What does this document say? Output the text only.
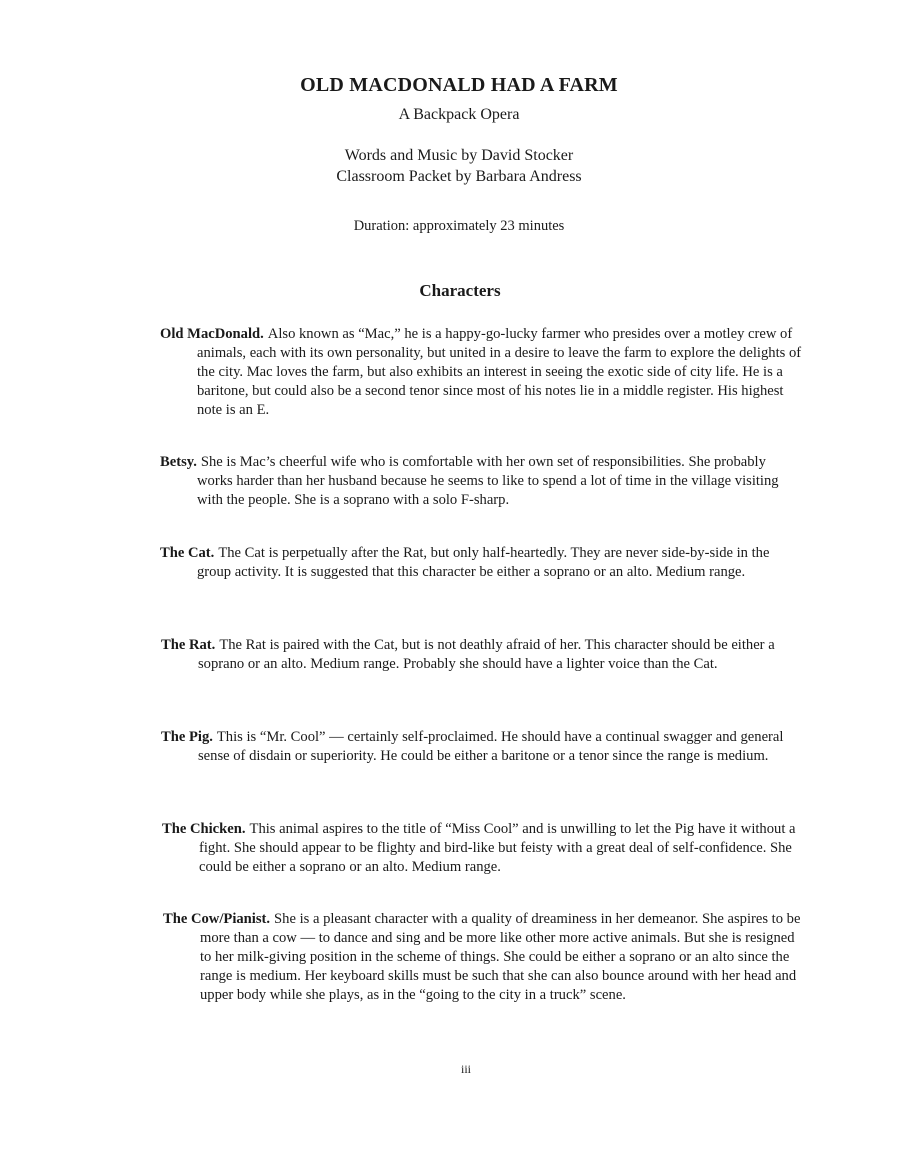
OLD MACDONALD HAD A FARM
A Backpack Opera
Words and Music by David Stocker
Classroom Packet by Barbara Andress
Duration: approximately 23 minutes
Characters
Old MacDonald. Also known as “Mac,” he is a happy-go-lucky farmer who presides over a motley crew of animals, each with its own personality, but united in a desire to leave the farm to explore the delights of the city. Mac loves the farm, but also exhibits an interest in seeing the exotic side of city life. He is a baritone, but could also be a second tenor since most of his notes lie in a middle register. His highest note is an E.
Betsy. She is Mac’s cheerful wife who is comfortable with her own set of responsibilities. She probably works harder than her husband because he seems to like to spend a lot of time in the village visiting with the people. She is a soprano with a solo F-sharp.
The Cat. The Cat is perpetually after the Rat, but only half-heartedly. They are never side-by-side in the group activity. It is suggested that this character be either a soprano or an alto. Medium range.
The Rat. The Rat is paired with the Cat, but is not deathly afraid of her. This character should be either a soprano or an alto. Medium range. Probably she should have a lighter voice than the Cat.
The Pig. This is “Mr. Cool” — certainly self-proclaimed. He should have a continual swagger and general sense of disdain or superiority. He could be either a baritone or a tenor since the range is medium.
The Chicken. This animal aspires to the title of “Miss Cool” and is unwilling to let the Pig have it without a fight. She should appear to be flighty and bird-like but feisty with a great deal of self-confidence. She could be either a soprano or an alto. Medium range.
The Cow/Pianist. She is a pleasant character with a quality of dreaminess in her demeanor. She aspires to be more than a cow — to dance and sing and be more like other more active animals. But she is resigned to her milk-giving position in the scheme of things. She could be either a soprano or an alto since the range is medium. Her keyboard skills must be such that she can also bounce around with her head and upper body while she plays, as in the “going to the city in a truck” scene.
iii
